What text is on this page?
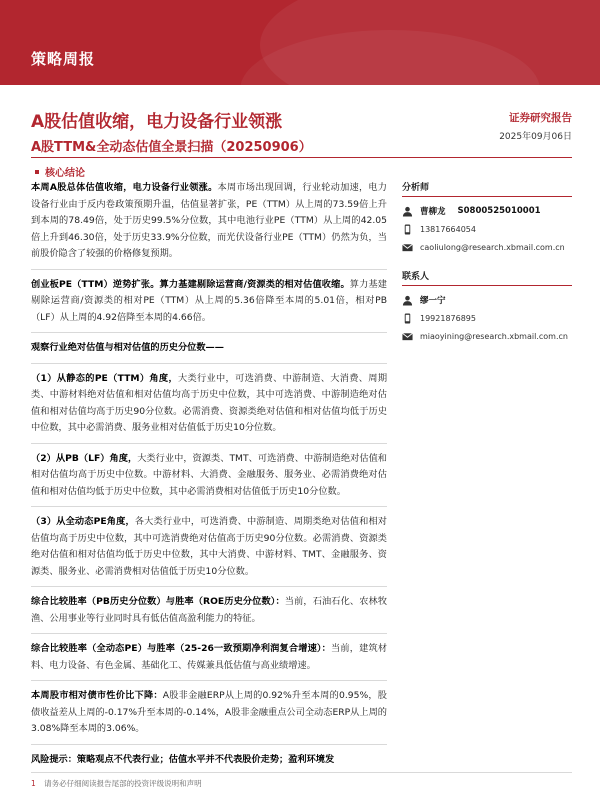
策略周报
A股估值收缩，电力设备行业领涨
A股TTM&全动态估值全景扫描（20250906）
证券研究报告
2025年09月06日
核心结论
本周A股总体估值收缩，电力设备行业领涨。本周市场出现回调，行业轮动加速，电力设备行业由于反内卷政策预期升温，估值显著扩张，PE（TTM）从上周的73.59倍上升到本周的78.49倍，处于历史99.5%分位数，其中电池行业PE（TTM）从上周的42.05倍上升到46.30倍，处于历史33.9%分位数，而光伏设备行业PE（TTM）仍然为负，当前股价隐含了较强的价格修复预期。
创业板PE（TTM）逆势扩张。算力基建剔除运营商/资源类的相对估值收缩。算力基建剔除运营商/资源类的相对PE（TTM）从上周的5.36倍降至本周的5.01倍，相对PB（LF）从上周的4.92倍降至本周的4.66倍。
观察行业绝对估值与相对估值的历史分位数——
（1）从静态的PE（TTM）角度，大类行业中，可选消费、中游制造、大消费、周期类、中游材料绝对估值和相对估值均高于历史中位数，其中可选消费、中游制造绝对估值和相对估值均高于历史90分位数。必需消费、资源类绝对估值和相对估值均低于历史中位数，其中必需消费、服务业相对估值低于历史10分位数。
（2）从PB（LF）角度，大类行业中，资源类、TMT、可选消费、中游制造绝对估值和相对估值均高于历史中位数。中游材料、大消费、金融服务、服务业、必需消费绝对估值和相对估值均低于历史中位数，其中必需消费相对估值低于历史10分位数。
（3）从全动态PE角度，各大类行业中，可选消费、中游制造、周期类绝对估值和相对估值均高于历史中位数，其中可选消费绝对估值高于历史90分位数。必需消费、资源类绝对估值和相对估值均低于历史中位数，其中大消费、中游材料、TMT、金融服务、资源类、服务业、必需消费相对估值低于历史10分位数。
综合比较胜率（PB历史分位数）与胜率（ROE历史分位数）：当前，石油石化、农林牧渔、公用事业等行业同时具有低估值高盈利能力的特征。
综合比较胜率（全动态PE）与胜率（25-26一致预期净利润复合增速）：当前，建筑材料、电力设备、有色金属、基础化工、传媒兼具低估值与高业绩增速。
本周股市相对债市性价比下降：A股非金融ERP从上周的0.92%升至本周的0.95%，股债收益差从上周的-0.17%升至本周的-0.14%，A股非金融重点公司全动态ERP从上周的3.08%降至本周的3.06%。
风险提示：策略观点不代表行业；估值水平并不代表股价走势；盈利环境发
分析师
曹柳龙 S0800525010001
13817664054
caoliulong@research.xbmail.com.cn
联系人
缪一宁
19921876895
miaoyining@research.xbmail.com.cn
1 请务必仔细阅读报告尾部的投资评级说明和声明
